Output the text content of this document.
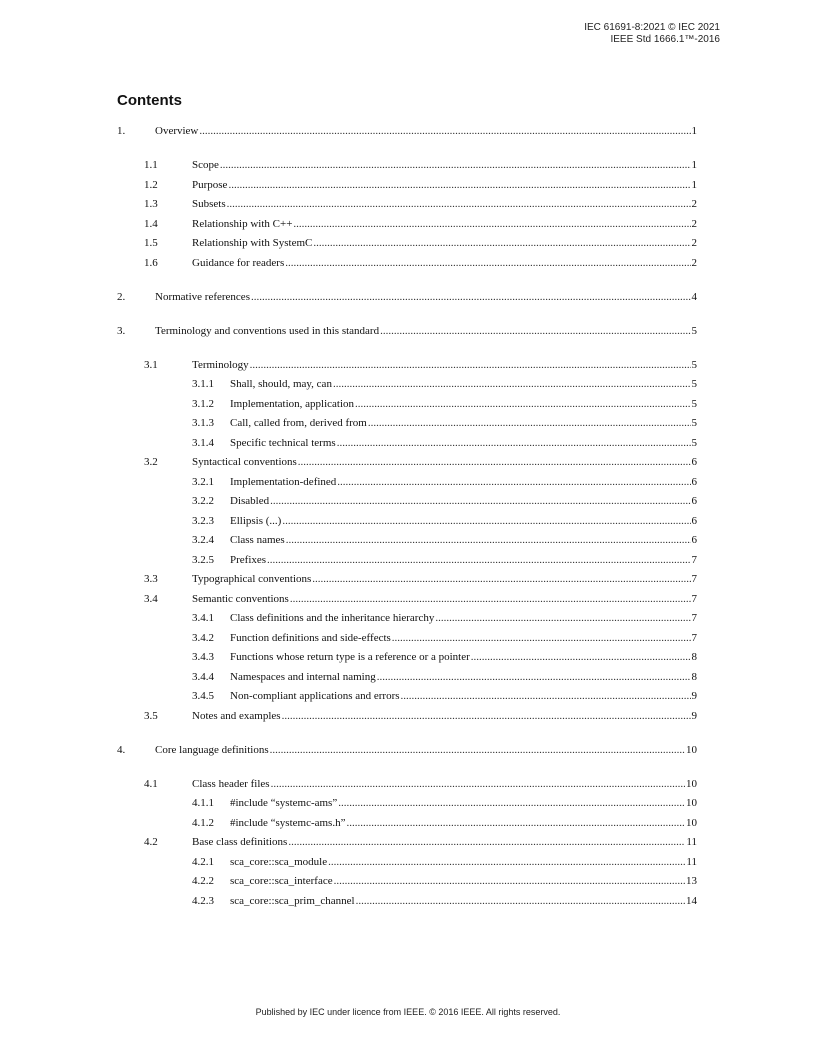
IEC 61691-8:2021 © IEC 2021
IEEE Std 1666.1™-2016
Contents
1.	Overview .....	1
1.1	Scope .....	1
1.2	Purpose .....	1
1.3	Subsets .....	2
1.4	Relationship with C++ .....	2
1.5	Relationship with SystemC .....	2
1.6	Guidance for readers .....	2
2.	Normative references .....	4
3.	Terminology and conventions used in this standard .....	5
3.1	Terminology .....	5
3.1.1	Shall, should, may, can .....	5
3.1.2	Implementation, application .....	5
3.1.3	Call, called from, derived from .....	5
3.1.4	Specific technical terms .....	5
3.2	Syntactical conventions .....	6
3.2.1	Implementation-defined .....	6
3.2.2	Disabled .....	6
3.2.3	Ellipsis (...) .....	6
3.2.4	Class names .....	6
3.2.5	Prefixes .....	7
3.3	Typographical conventions .....	7
3.4	Semantic conventions .....	7
3.4.1	Class definitions and the inheritance hierarchy .....	7
3.4.2	Function definitions and side-effects .....	7
3.4.3	Functions whose return type is a reference or a pointer .....	8
3.4.4	Namespaces and internal naming .....	8
3.4.5	Non-compliant applications and errors .....	9
3.5	Notes and examples .....	9
4.	Core language definitions .....	10
4.1	Class header files .....	10
4.1.1	#include “systemc-ams” .....	10
4.1.2	#include “systemc-ams.h” .....	10
4.2	Base class definitions .....	11
4.2.1	sca_core::sca_module .....	11
4.2.2	sca_core::sca_interface .....	13
4.2.3	sca_core::sca_prim_channel .....	14
Published by IEC under licence from IEEE. © 2016 IEEE. All rights reserved.
